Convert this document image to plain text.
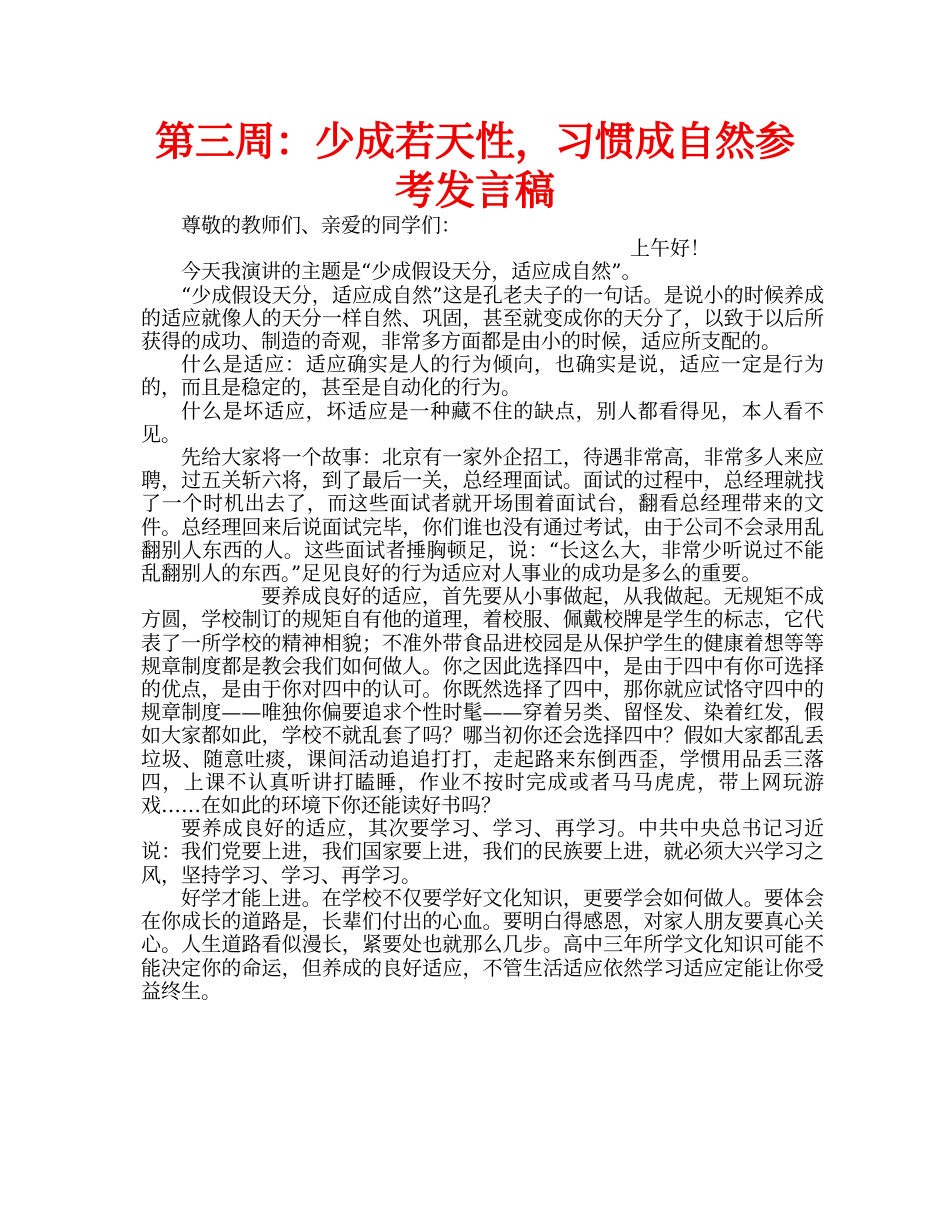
第三周：少成若天性，习惯成自然参考发言稿

尊敬的教师们、亲爱的同学们：

上午好！

今天我演讲的主题是“少成假设天分，适应成自然”。

“少成假设天分，适应成自然”这是孔老夫子的一句话。是说小的时候养成的适应就像人的天分一样自然、巩固，甚至就变成你的天分了，以致于以后所获得的成功、制造的奇观，非常多方面都是由小的时候，适应所支配的。

什么是适应：适应确实是人的行为倾向，也确实是说，适应一定是行为的，而且是稳定的，甚至是自动化的行为。

什么是坏适应，坏适应是一种藏不住的缺点，别人都看得见，本人看不见。

先给大家将一个故事：北京有一家外企招工，待遇非常高，非常多人来应聘，过五关斩六将，到了最后一关，总经理面试。面试的过程中，总经理就找了一个时机出去了，而这些面试者就开场围着面试台，翻看总经理带来的文件。总经理回来后说面试完毕，你们谁也没有通过考试，由于公司不会录用乱翻别人东西的人。这些面试者捶胸顿足，说：“长这么大，非常少听说过不能乱翻别人的东西。”足见良好的行为适应对人事业的成功是多么的重要。

要养成良好的适应，首先要从小事做起，从我做起。无规矩不成方圆，学校制订的规矩自有他的道理，着校服、佩戴校牌是学生的标志，它代表了一所学校的精神相貌；不准外带食品进校园是从保护学生的健康着想等等规章制度都是教会我们如何做人。你之因此选择四中，是由于四中有你可选择的优点，是由于你对四中的认可。你既然选择了四中，那你就应试恪守四中的规章制度——唯独你偏要追求个性时髦——穿着另类、留怪发、染着红发，假如大家都如此，学校不就乱套了吗？哪当初你还会选择四中？假如大家都乱丢垃圾、随意吐痰，课间活动追追打打，走起路来东倒西歪，学惯用品丢三落四，上课不认真听讲打瞌睡，作业不按时完成或者马马虎虎，带上网玩游戏……在如此的环境下你还能读好书吗？

要养成良好的适应，其次要学习、学习、再学习。中共中央总书记习近说：我们党要上进，我们国家要上进，我们的民族要上进，就必须大兴学习之风，坚持学习、学习、再学习。

好学才能上进。在学校不仅要学好文化知识，更要学会如何做人。要体会在你成长的道路是，长辈们付出的心血。要明白得感恩，对家人朋友要真心关心。人生道路看似漫长，紧要处也就那么几步。高中三年所学文化知识可能不能决定你的命运，但养成的良好适应，不管生活适应依然学习适应定能让你受益终生。
